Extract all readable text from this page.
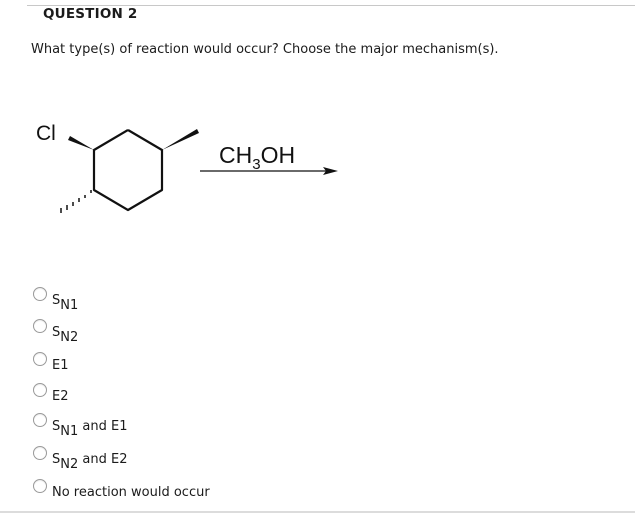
QUESTION 2
What type(s) of reaction would occur? Choose the major mechanism(s).
Cl
$CH_3OH$
SN1
SN2
E1
E2
SN1 and E1
SN2 and E2
No reaction would occur
